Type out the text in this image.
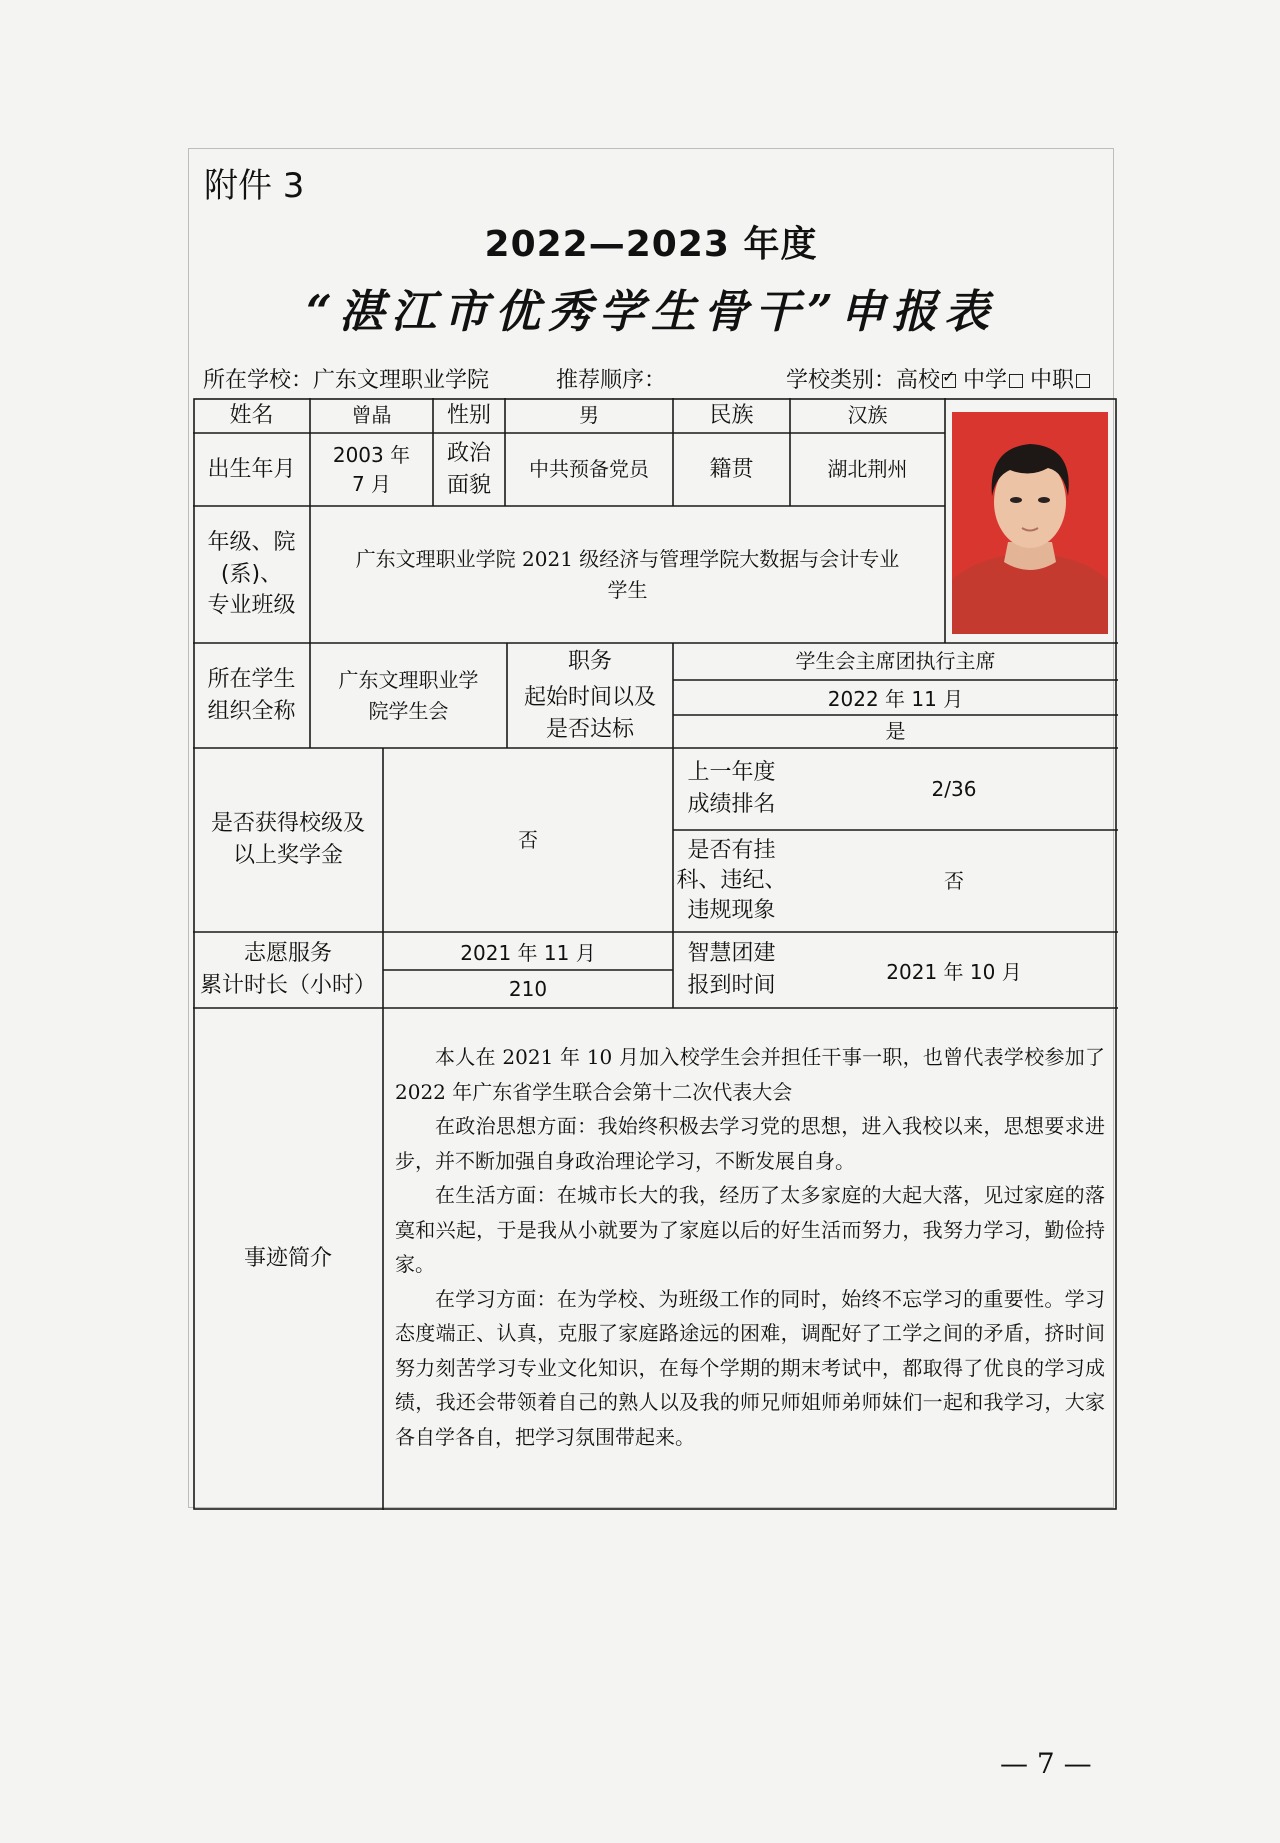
附件 3
2022—2023 年度
“湛江市优秀学生骨干”申报表
所在学校：广东文理职业学院	推荐顺序：	学校类别：高校✓ 中学 中职
姓名	曾晶	性别	男	民族	汉族
出生年月
2003 年
7 月
政治
面貌
中共预备党员	籍贯	湖北荆州
年级、院
(系)、
专业班级
广东文理职业学院 2021 级经济与管理学院大数据与会计专业
学生
所在学生
组织全称
广东文理职业学
院学生会
职务
起始时间以及
是否达标
学生会主席团执行主席
2022 年 11 月
是
是否获得校级及
以上奖学金
否
上一年度
成绩排名
2/36
是否有挂
科、违纪、
违规现象
否
志愿服务
累计时长（小时）
2021 年 11 月
210
智慧团建
报到时间
2021 年 10 月
事迹简介

本人在 2021 年 10 月加入校学生会并担任干事一职，也曾代表学校参加了 2022 年广东省学生联合会第十二次代表大会

在政治思想方面：我始终积极去学习党的思想，进入我校以来，思想要求进步，并不断加强自身政治理论学习，不断发展自身。

在生活方面：在城市长大的我，经历了太多家庭的大起大落，见过家庭的落寞和兴起，于是我从小就要为了家庭以后的好生活而努力，我努力学习，勤俭持家。

在学习方面：在为学校、为班级工作的同时，始终不忘学习的重要性。学习态度端正、认真，克服了家庭路途远的困难，调配好了工学之间的矛盾，挤时间努力刻苦学习专业文化知识，在每个学期的期末考试中，都取得了优良的学习成绩，我还会带领着自己的熟人以及我的师兄师姐师弟师妹们一起和我学习，大家各自学各自，把学习氛围带起来。

— 7 —
